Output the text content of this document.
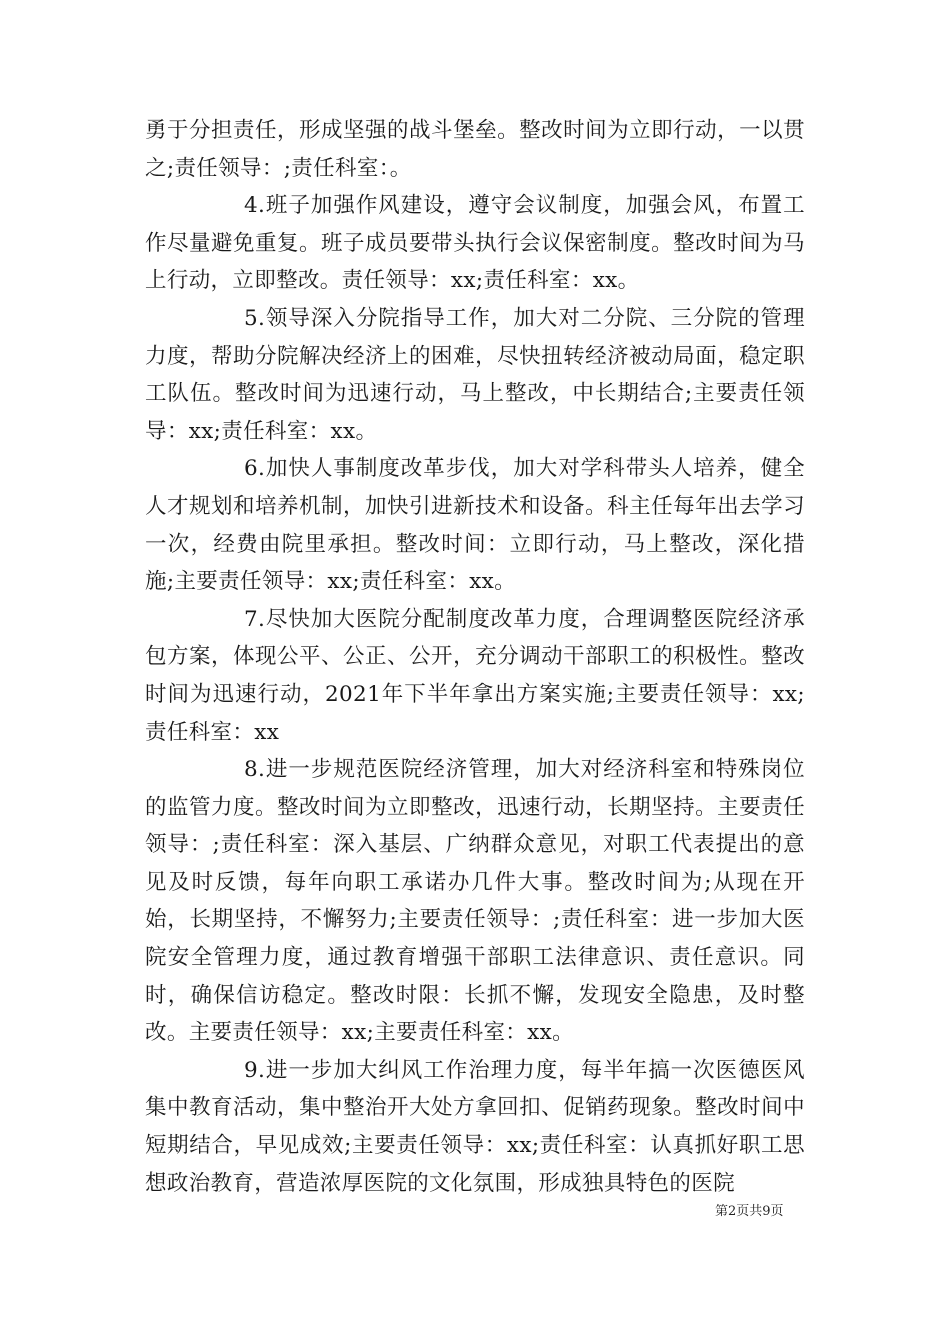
勇于分担责任，形成坚强的战斗堡垒。整改时间为立即行动，一以贯之;责任领导：;责任科室：。

4.班子加强作风建设，遵守会议制度，加强会风，布置工作尽量避免重复。班子成员要带头执行会议保密制度。整改时间为马上行动，立即整改。责任领导：xx;责任科室：xx。

5.领导深入分院指导工作，加大对二分院、三分院的管理力度，帮助分院解决经济上的困难，尽快扭转经济被动局面，稳定职工队伍。整改时间为迅速行动，马上整改，中长期结合;主要责任领导：xx;责任科室：xx。

6.加快人事制度改革步伐，加大对学科带头人培养，健全人才规划和培养机制，加快引进新技术和设备。科主任每年出去学习一次，经费由院里承担。整改时间：立即行动，马上整改，深化措施;主要责任领导：xx;责任科室：xx。

7.尽快加大医院分配制度改革力度，合理调整医院经济承包方案，体现公平、公正、公开，充分调动干部职工的积极性。整改时间为迅速行动，2021年下半年拿出方案实施;主要责任领导：xx;责任科室：xx

8.进一步规范医院经济管理，加大对经济科室和特殊岗位的监管力度。整改时间为立即整改，迅速行动，长期坚持。主要责任领导：;责任科室：深入基层、广纳群众意见，对职工代表提出的意见及时反馈，每年向职工承诺办几件大事。整改时间为;从现在开始，长期坚持，不懈努力;主要责任领导：;责任科室：进一步加大医院安全管理力度，通过教育增强干部职工法律意识、责任意识。同时，确保信访稳定。整改时限：长抓不懈，发现安全隐患，及时整改。主要责任领导：xx;主要责任科室：xx。

9.进一步加大纠风工作治理力度，每半年搞一次医德医风集中教育活动，集中整治开大处方拿回扣、促销药现象。整改时间中短期结合，早见成效;主要责任领导：xx;责任科室：认真抓好职工思想政治教育，营造浓厚医院的文化氛围，形成独具特色的医院

第2页共9页
